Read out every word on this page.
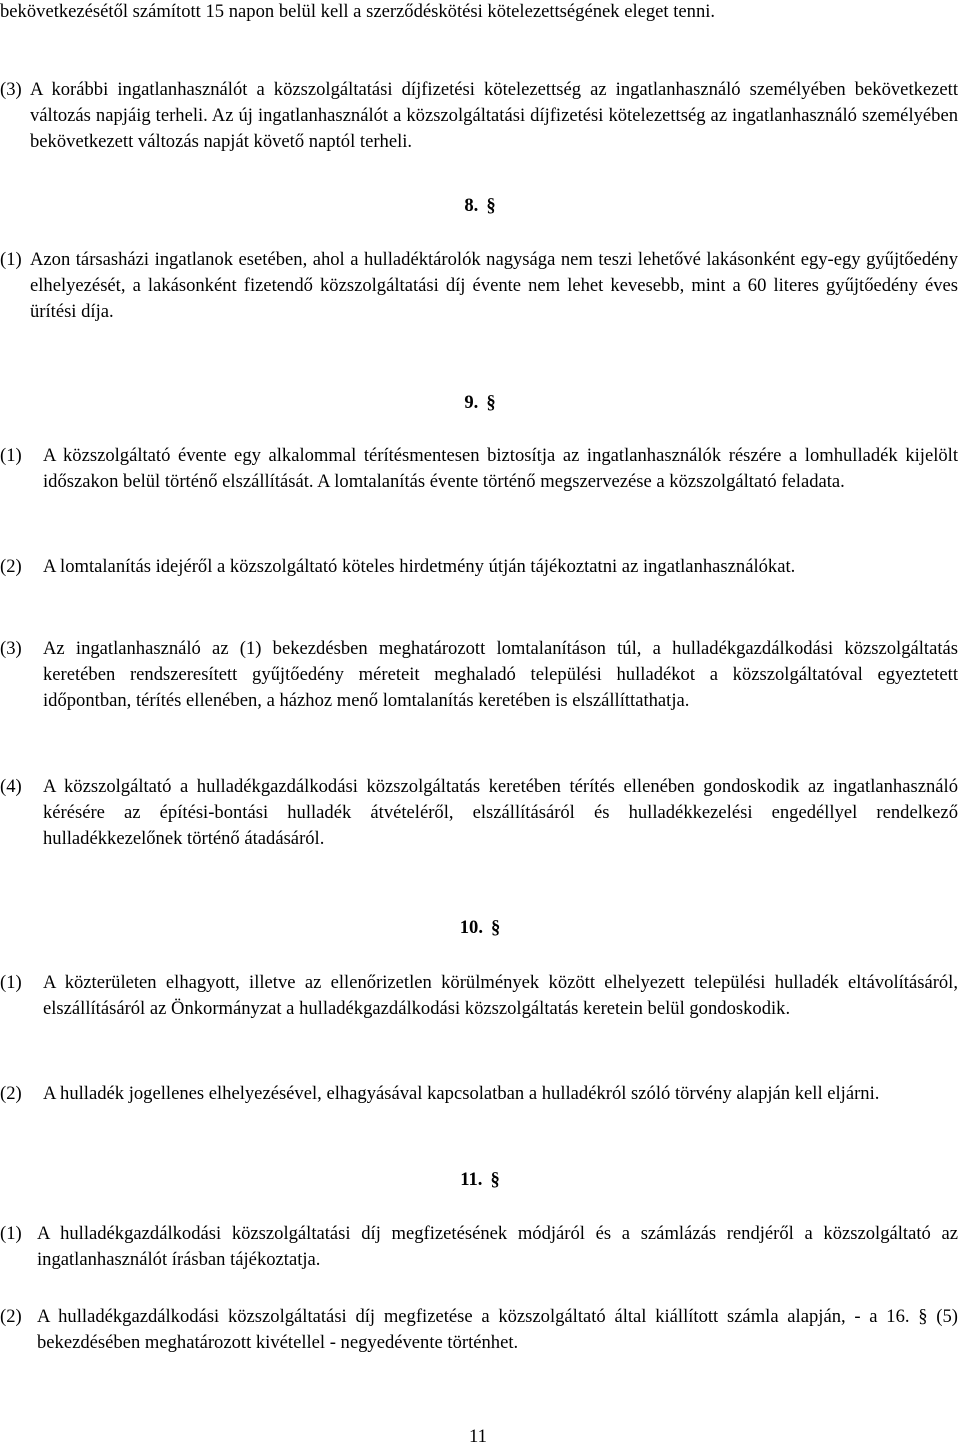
bekövetkezésétől számított 15 napon belül kell a szerződéskötési kötelezettségének eleget tenni.
(3) A korábbi ingatlanhasználót a közszolgáltatási díjfizetési kötelezettség az ingatlanhasználó személyében bekövetkezett változás napjáig terheli. Az új ingatlanhasználót a közszolgáltatási díjfizetési kötelezettség az ingatlanhasználó személyében bekövetkezett változás napját követő naptól terheli.
8. §
(1) Azon társasházi ingatlanok esetében, ahol a hulladéktárolók nagysága nem teszi lehetővé lakásonként egy-egy gyűjtőedény elhelyezését, a lakásonként fizetendő közszolgáltatási díj évente nem lehet kevesebb, mint a 60 literes gyűjtőedény éves ürítési díja.
9. §
(1) A közszolgáltató évente egy alkalommal térítésmentesen biztosítja az ingatlanhasználók részére a lomhulladék kijelölt időszakon belül történő elszállítását. A lomtalanítás évente történő megszervezése a közszolgáltató feladata.
(2) A lomtalanítás idejéről a közszolgáltató köteles hirdetmény útján tájékoztatni az ingatlanhasználókat.
(3) Az ingatlanhasználó az (1) bekezdésben meghatározott lomtalanításon túl, a hulladékgazdálkodási közszolgáltatás keretében rendszeresített gyűjtőedény méreteit meghaladó települési hulladékot a közszolgáltatóval egyeztetett időpontban, térítés ellenében, a házhoz menő lomtalanítás keretében is elszállíttathatja.
(4) A közszolgáltató a hulladékgazdálkodási közszolgáltatás keretében térítés ellenében gondoskodik az ingatlanhasználó kérésére az építési-bontási hulladék átvételéről, elszállításáról és hulladékkezelési engedéllyel rendelkező hulladékkezelőnek történő átadásáról.
10. §
(1) A közterületen elhagyott, illetve az ellenőrizetlen körülmények között elhelyezett települési hulladék eltávolításáról, elszállításáról az Önkormányzat a hulladékgazdálkodási közszolgáltatás keretein belül gondoskodik.
(2) A hulladék jogellenes elhelyezésével, elhagyásával kapcsolatban a hulladékról szóló törvény alapján kell eljárni.
11. §
(1) A hulladékgazdálkodási közszolgáltatási díj megfizetésének módjáról és a számlázás rendjéről a közszolgáltató az ingatlanhasználót írásban tájékoztatja.
(2) A hulladékgazdálkodási közszolgáltatási díj megfizetése a közszolgáltató által kiállított számla alapján, - a 16. § (5) bekezdésében meghatározott kivétellel - negyedévente történhet.
11
